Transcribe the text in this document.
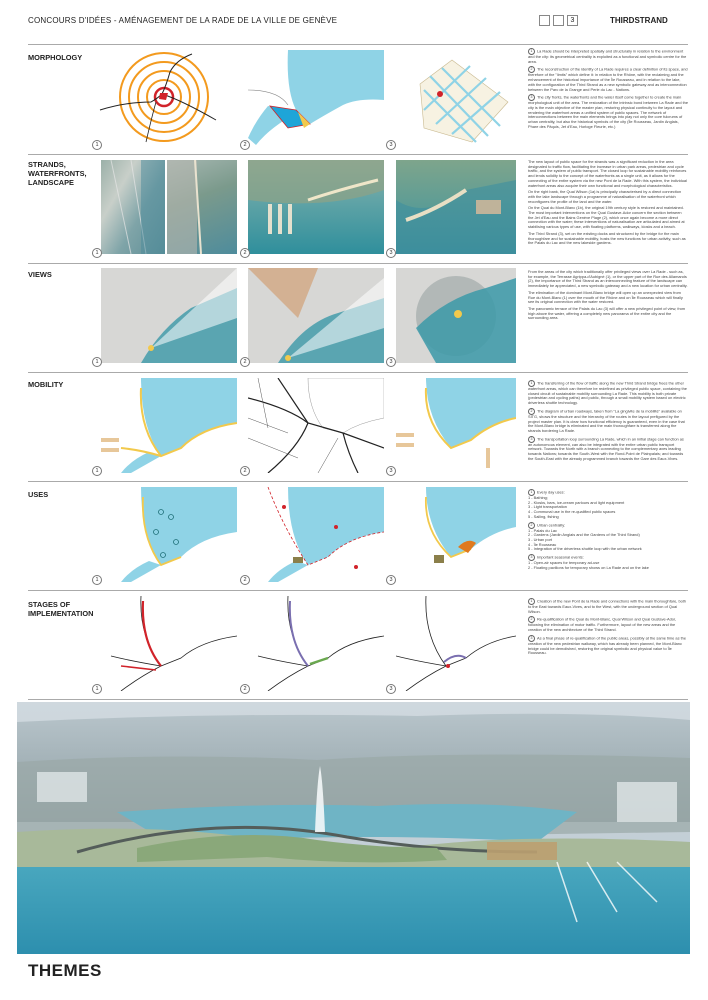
CONCOURS D'IDÉES - AMÉNAGEMENT DE LA RADE DE LA VILLE DE GENÈVE	3	THIRDSTRAND
MORPHOLOGY
1	2	3

1 La Rade should be interpreted spatially and structurally in relation to the environment and the city: its geometrical centrality is exploited as a functional and symbolic centre for the area.

2 The reconstruction of the identity of La Rade requires a clear definition of its space, and therefore of the "limits" which define it: in relation to the Rhône, with the reclaiming and the enhancement of the historical importance of the Île Rousseau, and in relation to the lake, with the configuration of the Third Strand as a new symbolic gateway and as interconnection between the Parc de la Grange and Perle du Lac - Nations.

3 The city fronts, the waterfronts and the water itself come together to create the main morphological unit of the area. The restoration of the intrinsic bond between La Rade and the city is the main objective of the master plan, restoring physical continuity to the layout and rendering the waterfront areas a unified system of public spaces. The network of interconnections between the main elements brings into play not only the core fulcrums of urban centrality, but also the historical symbols of the city (Île Rousseau, Jardin Anglais, Phare des Pâquis, Jet d'Eau, Horloge Fleurie, etc.)

STRANDS, WATERFRONTS, LANDSCAPE
1	2	3

The new layout of public space for the strands was a significant reduction in the area designated to traffic flow, facilitating the increase in urban park areas, pedestrian and cycle traffic, and the system of public transport. The closed loop for sustainable mobility reinforces and lends solidity to the concept of the waterfronts as a single unit, as it allows for the connecting of the entire system via the new Pont de la Rade. With this system, the individual waterfront areas also acquire their own functional and morphological characteristics.

On the right bank, the Quai Wilson (1a) is principally characterised by a direct connection with the lake landscape through a programme of naturalisation of the waterfront which reconfigures the profile of the land and the water.

On the Quai du Mont-Blanc (1b), the original 19th century style is restored and maintained. The most important interventions on the Quai Gustave-Ador concern the section between the Jet d'Eau and the Bains Genève Plage (2), which once again become a more direct connection with the water; these interventions of naturalisation are articulated and aimed at stabilising various types of use, with floating platforms, walkways, kiosks and a beach.

The Third Strand (3), set on the existing docks and structured by the bridge for the main thoroughfare and for sustainable mobility, hosts the new functions for urban activity, such as the Palais du Lac and the new lakeside gardens.

VIEWS
1	2	3

From the areas of the city which traditionally offer privileged views over La Rade - such as, for example, the Terrasse Agrippa-d'Aubigné (1), or the upper part of the Rue des Allamands (2), the importance of the Third Strand as an interconnecting feature of the landscape can immediately be appreciated, a new symbolic gateway and a new location for urban centrality.

The elimination of the dominant Mont-Blanc bridge will open up an unexpected view from Rue du Mont-Blanc (1) over the mouth of the Rhône and on Île Rousseau which will finally see its original connection with the water restored.

The panoramic terrace of the Palais du Lac (3) will offer a new privileged point of view, from high above the water, offering a completely new panorama of the entire city and the surrounding area.

MOBILITY
1	2	3

1 The transferring of the flow of traffic along the new Third Strand bridge frees the other waterfront areas, which can therefore be redefined as privileged public space, containing the closed circuit of sustainable mobility surrounding La Rade. This mobility is both private (pedestrian and cycling paths) and public, through a small mobility system based on electric driverless shuttle technology.

2 The diagram of urban roadways, taken from "La gingivite de la mobilité" available on SITG, shows the structure and the hierarchy of the routes in the layout prefigured by the project master plan. It is clear how functional efficiency is guaranteed, even in the case that the Mont-Blanc bridge is eliminated and the main thoroughfare is transferred along the strands bordering La Rade.

3 The transportation loop surrounding La Rade, which in an initial stage can function as an autonomous element, can also be integrated with the entire urban public transport network. Towards the North with a branch connecting to the complementary axes leading towards Nations; towards the South-West with the Rond-Point de Plainpalais; and towards the South-East with the already programmed branch towards the Gare des Eaux-Vives.

USES
1	2	3

1 Every day uses:
1 - Bathing;
2 - Kiosks, bars, ice-cream parlours and light equipment
3 - Light transportation
4 - Communal use in the re-qualified public spaces
5 - Sailing, fishing

2 Urban centrality:
1 - Palais du Lac
2 - Gardens (Jardin Anglais and the Gardens of the Third Strand)
3 - Urban port
4 - Île Rousseau
5 - Integration of the driverless shuttle loop with the urban network

3 Important seasonal events:
1 - Open-air spaces for temporary ad-use
2 - Floating pavilions for temporary shows on La Rade and on the lake

STAGES OF IMPLEMENTATION
1	2	3

1 Creation of the new Pont de la Rade and connections with the main thoroughfare, both to the East towards Eaux-Vives, and to the West, with the underground section of Quai Wilson.

2 Re-qualification of the Quai du Mont-Blanc, Quai Wilson and Quai Gustave-Ador, following the elimination of motor traffic. Furthermore, layout of the new areas and the creation of the new architecture of the Third Strand.

3 As a final phase of re-qualification of the public areas, possibly at the same time as the creation of the new pedestrian walkway, which has already been planned, the Mont-Blanc bridge could be demolished, restoring the original symbolic and physical value to Île Rousseau.

THEMES
